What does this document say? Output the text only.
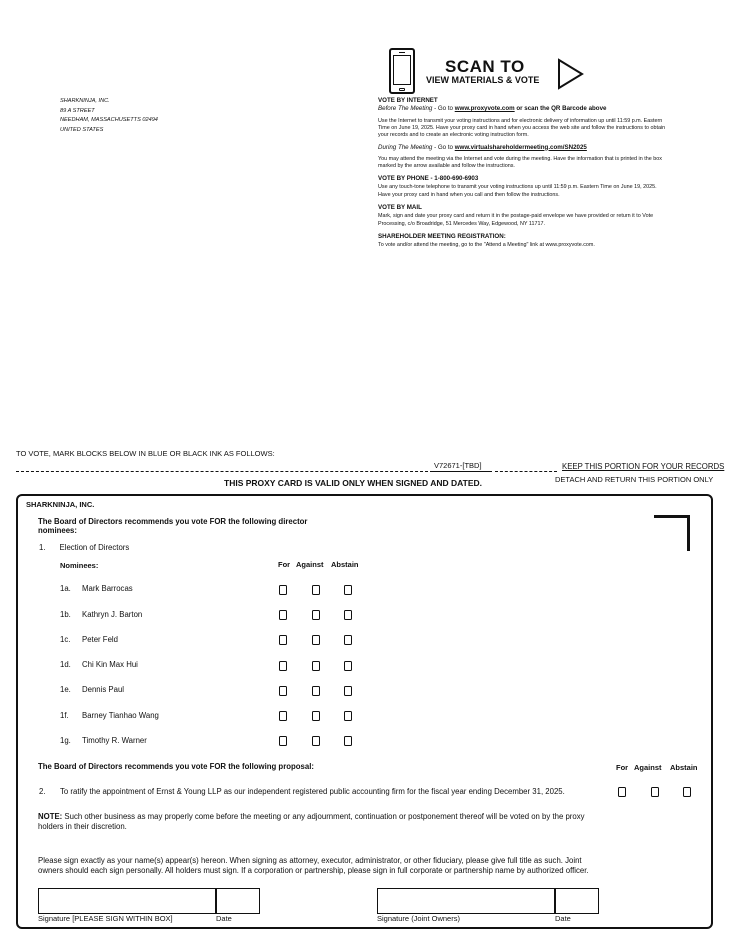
SHARKNINJA, INC.
89 A STREET
NEEDHAM, MASSACHUSETTS 02494
UNITED STATES
SCAN TO
VIEW MATERIALS & VOTE

VOTE BY INTERNET
Before The Meeting - Go to www.proxyvote.com or scan the QR Barcode above

Use the Internet to transmit your voting instructions and for electronic delivery of information up until 11:59 p.m. Eastern Time on June 19, 2025. Have your proxy card in hand when you access the web site and follow the instructions to obtain your records and to create an electronic voting instruction form.

During The Meeting - Go to www.virtualshareholdermeeting.com/SN2025

You may attend the meeting via the Internet and vote during the meeting. Have the information that is printed in the box marked by the arrow available and follow the instructions.

VOTE BY PHONE - 1-800-690-6903
Use any touch-tone telephone to transmit your voting instructions up until 11:59 p.m. Eastern Time on June 19, 2025. Have your proxy card in hand when you call and then follow the instructions.

VOTE BY MAIL
Mark, sign and date your proxy card and return it in the postage-paid envelope we have provided or return it to Vote Processing, c/o Broadridge, 51 Mercedes Way, Edgewood, NY 11717.

SHAREHOLDER MEETING REGISTRATION:
To vote and/or attend the meeting, go to the "Attend a Meeting" link at www.proxyvote.com.

TO VOTE, MARK BLOCKS BELOW IN BLUE OR BLACK INK AS FOLLOWS:
V72671-[TBD]	KEEP THIS PORTION FOR YOUR RECORDS
THIS PROXY CARD IS VALID ONLY WHEN SIGNED AND DATED.	DETACH AND RETURN THIS PORTION ONLY
SHARKNINJA, INC.
The Board of Directors recommends you vote FOR the following director nominees:
1. Election of Directors
Nominees:	For Against Abstain
1a. Mark Barrocas
1b. Kathryn J. Barton
1c. Peter Feld
1d. Chi Kin Max Hui
1e. Dennis Paul
1f. Barney Tianhao Wang
1g. Timothy R. Warner
The Board of Directors recommends you vote FOR the following proposal:	For Against Abstain
2. To ratify the appointment of Ernst & Young LLP as our independent registered public accounting firm for the fiscal year ending December 31, 2025.
NOTE: Such other business as may properly come before the meeting or any adjournment, continuation or postponement thereof will be voted on by the proxy holders in their discretion.
Please sign exactly as your name(s) appear(s) hereon. When signing as attorney, executor, administrator, or other fiduciary, please give full title as such. Joint owners should each sign personally. All holders must sign. If a corporation or partnership, please sign in full corporate or partnership name by authorized officer.
Signature [PLEASE SIGN WITHIN BOX]	Date	Signature (Joint Owners)	Date
